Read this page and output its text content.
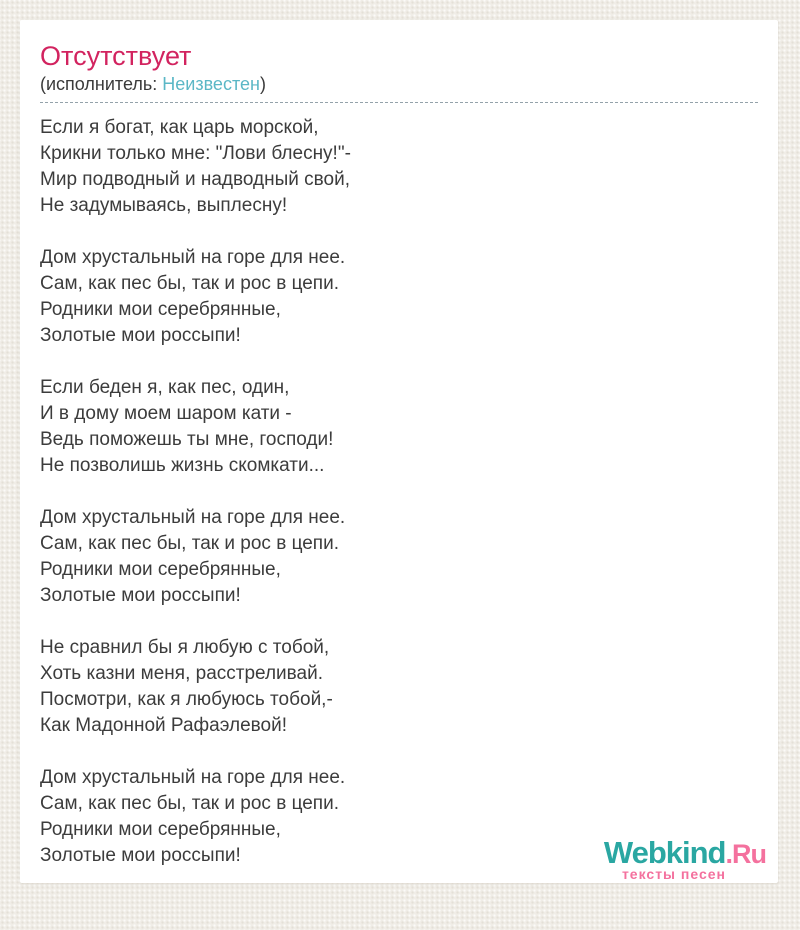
Отсутствует
(исполнитель: Неизвестен)

Если я богат, как царь морской,
Крикни только мне: "Лови блесну!"-
Мир подводный и надводный свой,
Не задумываясь, выплесну!

Дом хрустальный на горе для нее.
Сам, как пес бы, так и рос в цепи.
Родники мои серебрянные,
Золотые мои россыпи!

Если беден я, как пес, один,
И в дому моем шаром кати -
Ведь поможешь ты мне, господи!
Не позволишь жизнь скомкати...

Дом хрустальный на горе для нее.
Сам, как пес бы, так и рос в цепи.
Родники мои серебрянные,
Золотые мои россыпи!

Не сравнил бы я любую с тобой,
Хоть казни меня, расстреливай.
Посмотри, как я любуюсь тобой,-
Как Мадонной Рафаэлевой!

Дом хрустальный на горе для нее.
Сам, как пес бы, так и рос в цепи.
Родники мои серебрянные,
Золотые мои россыпи!	Webkind.Ru
тексты песен
